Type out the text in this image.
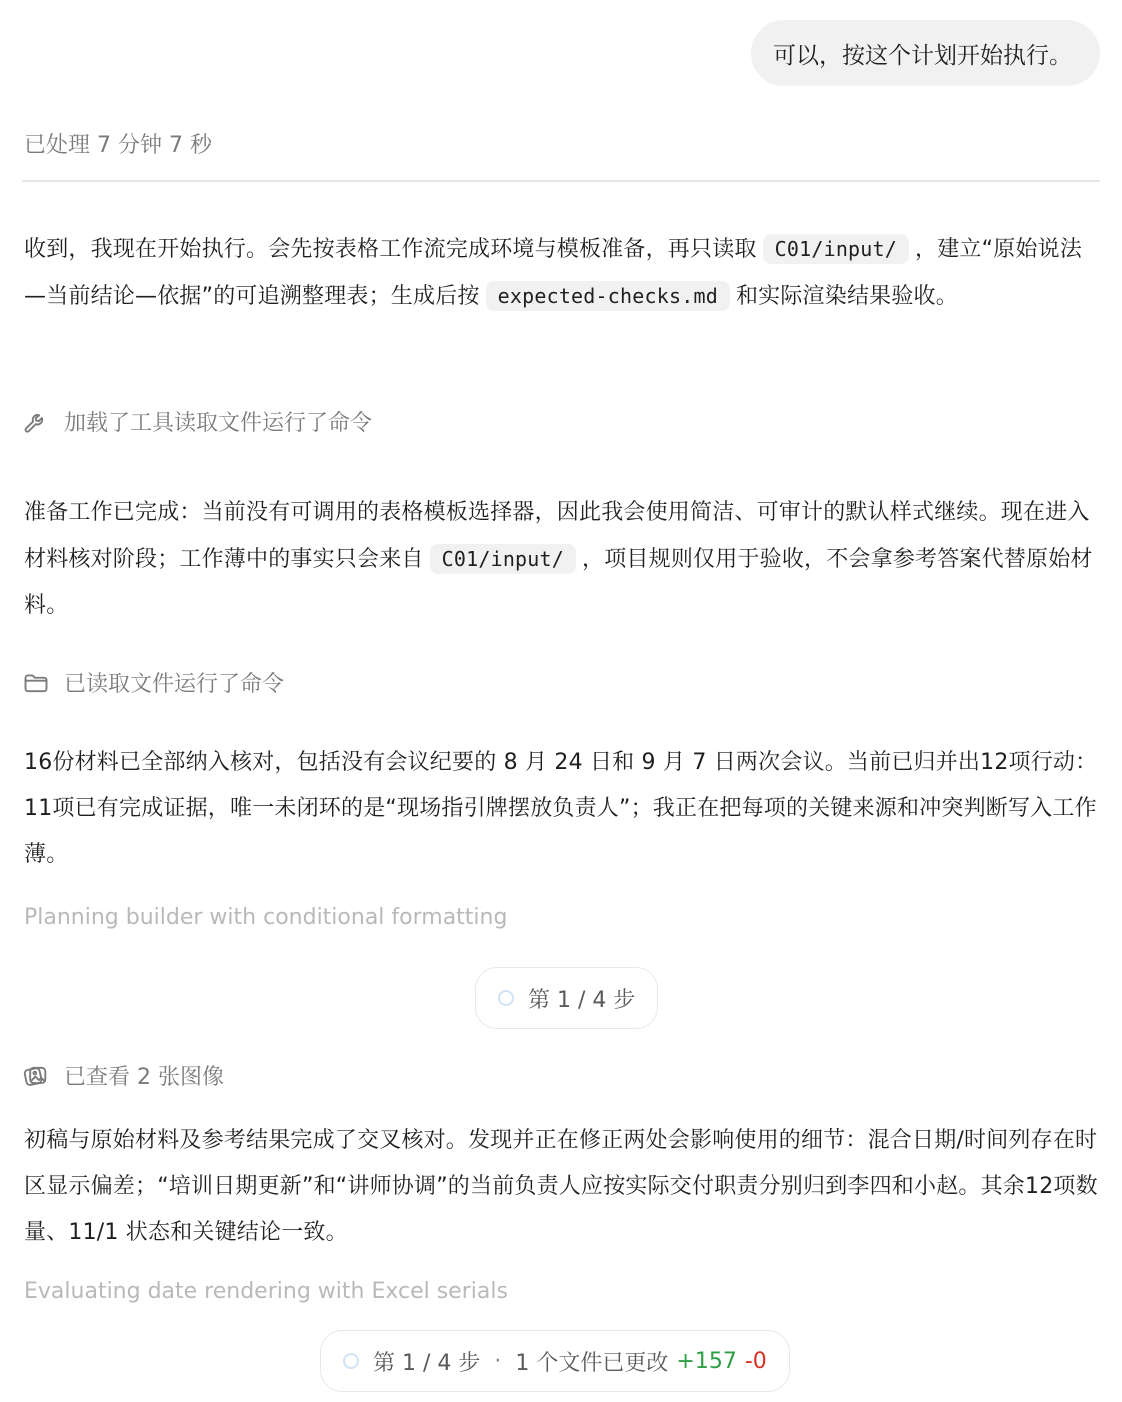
可以，按这个计划开始执行。
已处理 7 分钟 7 秒

收到，我现在开始执行。会先按表格工作流完成环境与模板准备，再只读取 C01/input/ ，建立“原始说法—当前结论—依据”的可追溯整理表；生成后按 expected-checks.md 和实际渲染结果验收。

加载了工具读取文件运行了命令

准备工作已完成：当前没有可调用的表格模板选择器，因此我会使用简洁、可审计的默认样式继续。现在进入材料核对阶段；工作薄中的事实只会来自 C01/input/ ，项目规则仅用于验收，不会拿参考答案代替原始材料。

已读取文件运行了命令

16份材料已全部纳入核对，包括没有会议纪要的 8 月 24 日和 9 月 7 日两次会议。当前已归并出12项行动：11项已有完成证据，唯一未闭环的是“现场指引牌摆放负责人”；我正在把每项的关键来源和冲突判断写入工作薄。

Planning builder with conditional formatting
第 1 / 4 步
已查看 2 张图像

初稿与原始材料及参考结果完成了交叉核对。发现并正在修正两处会影响使用的细节：混合日期/时间列存在时区显示偏差；“培训日期更新”和“讲师协调”的当前负责人应按实际交付职责分别归到李四和小赵。其余12项数量、11/1 状态和关键结论一致。

Evaluating date rendering with Excel serials
第 1 / 4 步 · 1 个文件已更改 +157 -0
